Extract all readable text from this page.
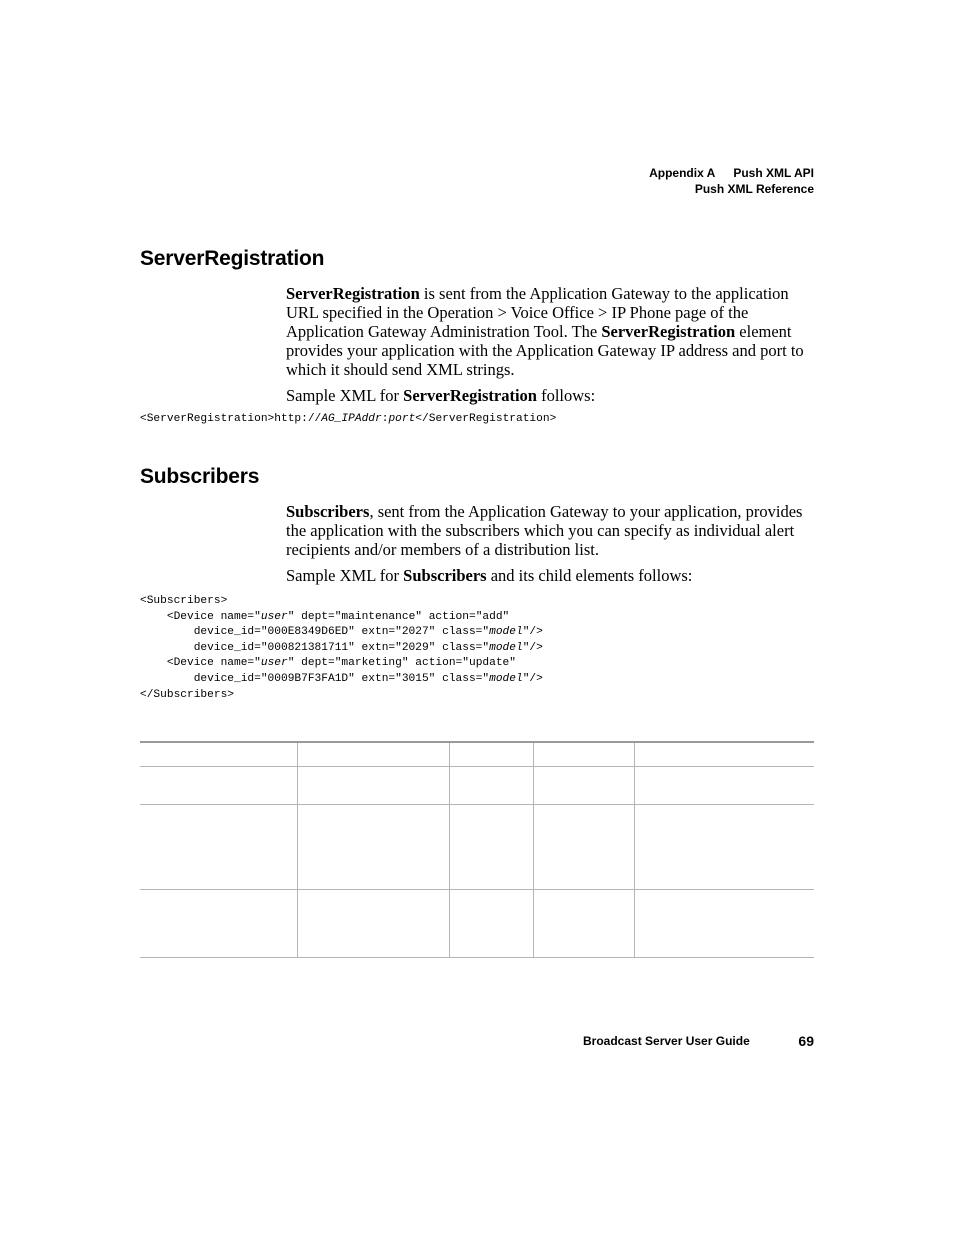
Appendix A Push XML API
Push XML Reference
ServerRegistration

ServerRegistration is sent from the Application Gateway to the application URL specified in the Operation > Voice Office > IP Phone page of the Application Gateway Administration Tool. The ServerRegistration element provides your application with the Application Gateway IP address and port to which it should send XML strings.

Sample XML for ServerRegistration follows:

<ServerRegistration>http://AG_IPAddr:port</ServerRegistration>
Subscribers

Subscribers, sent from the Application Gateway to your application, provides the application with the subscribers which you can specify as individual alert recipients and/or members of a distribution list.

Sample XML for Subscribers and its child elements follows:

<Subscribers>
<Device name="user" dept="maintenance" action="add"
device_id="000E8349D6ED" extn="2027" class="model"/>
device_id="000821381711" extn="2029" class="model"/>
<Device name="user" dept="marketing" action="update"
device_id="0009B7F3FA1D" extn="3015" class="model"/>
</Subscribers>

Broadcast Server User Guide	69
